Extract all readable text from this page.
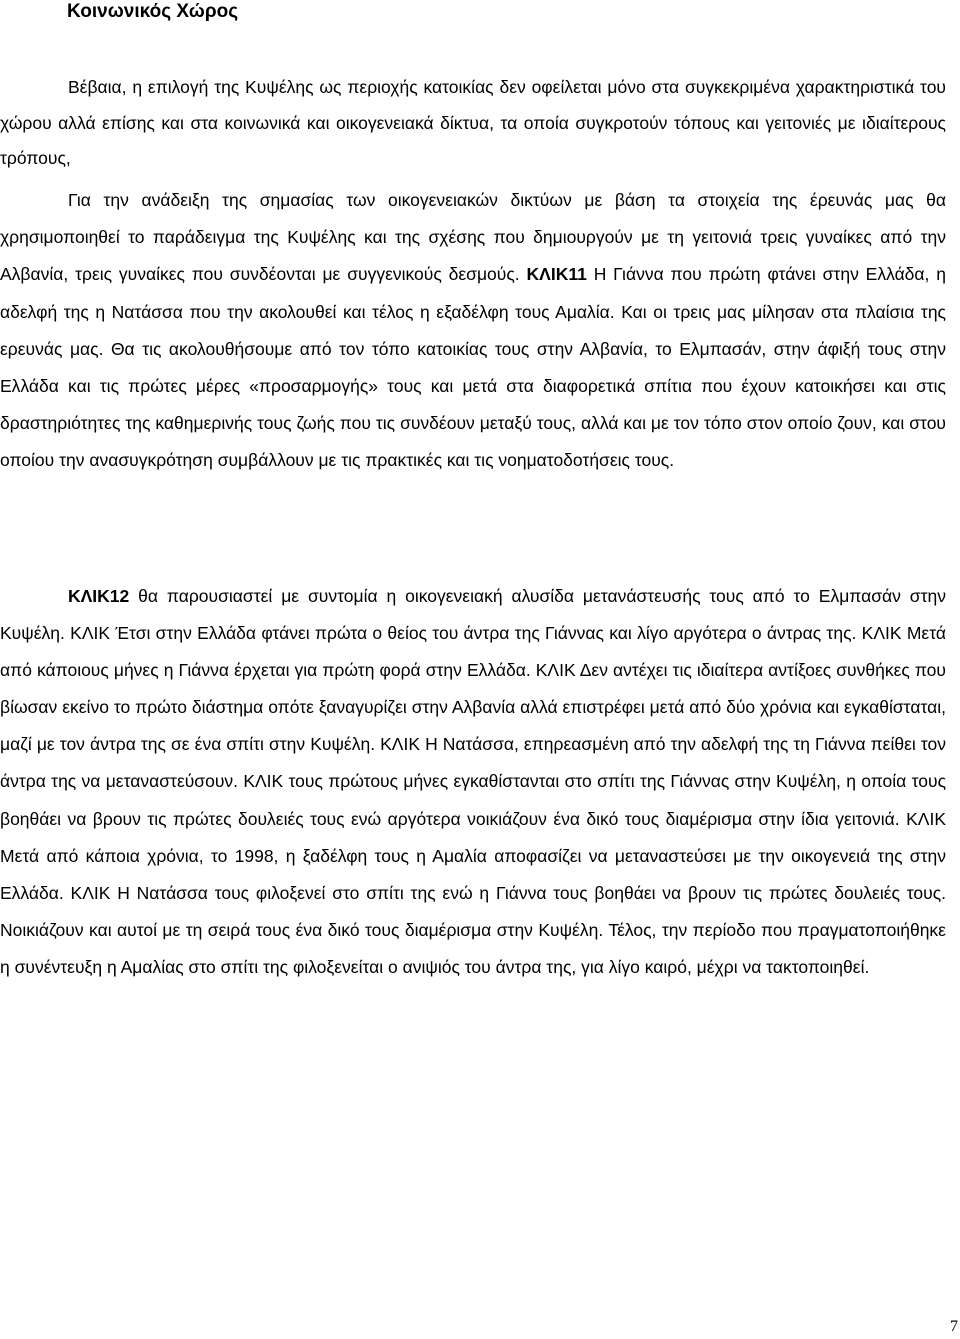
Κοινωνικός Χώρος

Βέβαια, η επιλογή της Κυψέλης ως περιοχής κατοικίας δεν οφείλεται μόνο στα συγκεκριμένα χαρακτηριστικά του χώρου αλλά επίσης και στα κοινωνικά και οικογενειακά δίκτυα, τα οποία συγκροτούν τόπους και γειτονιές με ιδιαίτερους τρόπους,

Για την ανάδειξη της σημασίας των οικογενειακών δικτύων με βάση τα στοιχεία της έρευνάς μας θα χρησιμοποιηθεί το παράδειγμα της Κυψέλης και της σχέσης που δημιουργούν με τη γειτονιά τρεις γυναίκες από την Αλβανία, τρεις γυναίκες που συνδέονται με συγγενικούς δεσμούς. ΚΛΙΚ11 Η Γιάννα που πρώτη φτάνει στην Ελλάδα, η αδελφή της η Νατάσσα που την ακολουθεί και τέλος η εξαδέλφη τους Αμαλία. Και οι τρεις μας μίλησαν στα πλαίσια της ερευνάς μας. Θα τις ακολουθήσουμε από τον τόπο κατοικίας τους στην Αλβανία, το Ελμπασάν, στην άφιξή τους στην Ελλάδα και τις πρώτες μέρες «προσαρμογής» τους και μετά στα διαφορετικά σπίτια που έχουν κατοικήσει και στις δραστηριότητες της καθημερινής τους ζωής που τις συνδέουν μεταξύ τους, αλλά και με τον τόπο στον οποίο ζουν, και στου οποίου την ανασυγκρότηση συμβάλλουν με τις πρακτικές και τις νοηματοδοτήσεις τους.

ΚΛΙΚ12 θα παρουσιαστεί με συντομία η οικογενειακή αλυσίδα μετανάστευσής τους από το Ελμπασάν στην Κυψέλη. ΚΛΙΚ Έτσι στην Ελλάδα φτάνει πρώτα ο θείος του άντρα της Γιάννας και λίγο αργότερα ο άντρας της. ΚΛΙΚ Μετά από κάποιους μήνες η Γιάννα έρχεται για πρώτη φορά στην Ελλάδα. ΚΛΙΚ Δεν αντέχει τις ιδιαίτερα αντίξοες συνθήκες που βίωσαν εκείνο το πρώτο διάστημα οπότε ξαναγυρίζει στην Αλβανία αλλά επιστρέφει μετά από δύο χρόνια και εγκαθίσταται, μαζί με τον άντρα της σε ένα σπίτι στην Κυψέλη. ΚΛΙΚ Η Νατάσσα, επηρεασμένη από την αδελφή της τη Γιάννα πείθει τον άντρα της να μεταναστεύσουν. ΚΛΙΚ τους πρώτους μήνες εγκαθίστανται στο σπίτι της Γιάννας στην Κυψέλη, η οποία τους βοηθάει να βρουν τις πρώτες δουλειές τους ενώ αργότερα νοικιάζουν ένα δικό τους διαμέρισμα στην ίδια γειτονιά. ΚΛΙΚ Μετά από κάποια χρόνια, το 1998, η ξαδέλφη τους η Αμαλία αποφασίζει να μεταναστεύσει με την οικογενειά της στην Ελλάδα. ΚΛΙΚ Η Νατάσσα τους φιλοξενεί στο σπίτι της ενώ η Γιάννα τους βοηθάει να βρουν τις πρώτες δουλειές τους. Νοικιάζουν και αυτοί με τη σειρά τους ένα δικό τους διαμέρισμα στην Κυψέλη. Τέλος, την περίοδο που πραγματοποιήθηκε η συνέντευξη η Αμαλίας στο σπίτι της φιλοξενείται ο ανιψιός του άντρα της, για λίγο καιρό, μέχρι να τακτοποιηθεί.

7
